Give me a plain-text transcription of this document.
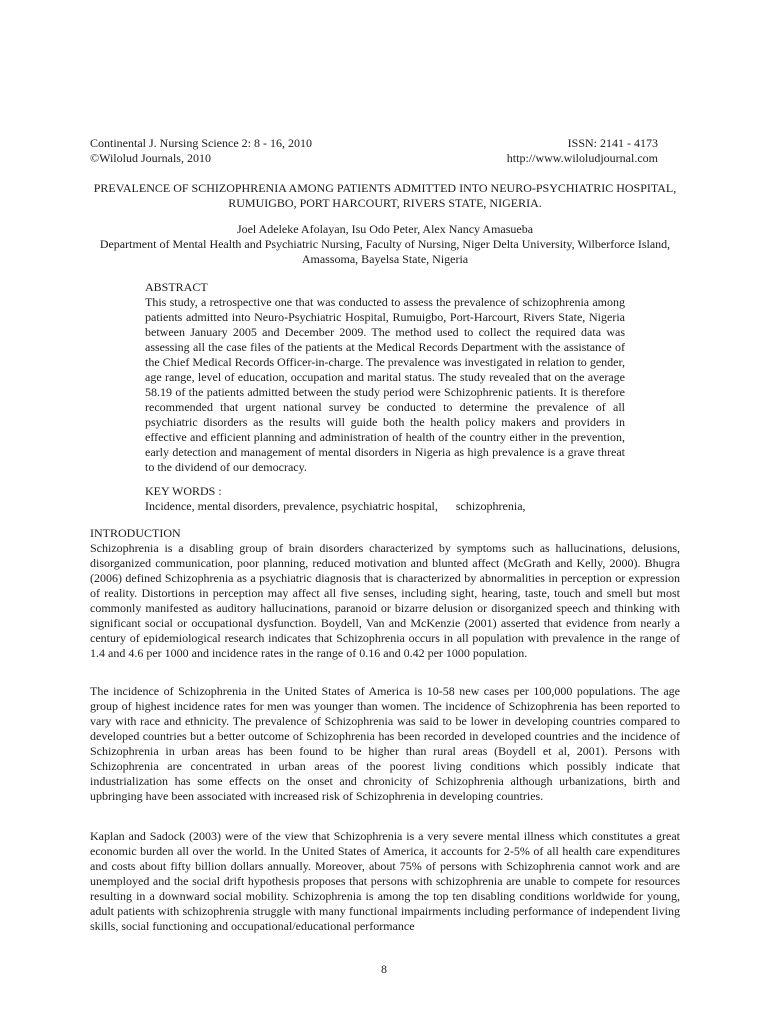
Continental J. Nursing Science 2: 8 - 16, 2010
©Wilolud Journals, 2010
ISSN: 2141 - 4173
http://www.wiloludjournal.com
PREVALENCE OF SCHIZOPHRENIA AMONG PATIENTS ADMITTED INTO NEURO-PSYCHIATRIC HOSPITAL, RUMUIGBO, PORT HARCOURT, RIVERS STATE, NIGERIA.
Joel Adeleke Afolayan, Isu Odo Peter, Alex Nancy Amasueba
Department of Mental Health and Psychiatric Nursing, Faculty of Nursing, Niger Delta University, Wilberforce Island, Amassoma, Bayelsa State, Nigeria
ABSTRACT

This study, a retrospective one that was conducted to assess the prevalence of schizophrenia among patients admitted into Neuro-Psychiatric Hospital, Rumuigbo, Port-Harcourt, Rivers State, Nigeria between January 2005 and December 2009. The method used to collect the required data was assessing all the case files of the patients at the Medical Records Department with the assistance of the Chief Medical Records Officer-in-charge. The prevalence was investigated in relation to gender, age range, level of education, occupation and marital status. The study revealed that on the average 58.19 of the patients admitted between the study period were Schizophrenic patients. It is therefore recommended that urgent national survey be conducted to determine the prevalence of all psychiatric disorders as the results will guide both the health policy makers and providers in effective and efficient planning and administration of health of the country either in the prevention, early detection and management of mental disorders in Nigeria as high prevalence is a grave threat to the dividend of our democracy.

KEY WORDS :
Incidence, mental disorders, prevalence, psychiatric hospital,      schizophrenia,
INTRODUCTION

Schizophrenia is a disabling group of brain disorders characterized by symptoms such as hallucinations, delusions, disorganized communication, poor planning, reduced motivation and blunted affect (McGrath and Kelly, 2000). Bhugra (2006) defined Schizophrenia as a psychiatric diagnosis that is characterized by abnormalities in perception or expression of reality. Distortions in perception may affect all five senses, including sight, hearing, taste, touch and smell but most commonly manifested as auditory hallucinations, paranoid or bizarre delusion or disorganized speech and thinking with significant social or occupational dysfunction. Boydell, Van and McKenzie (2001) asserted that evidence from nearly a century of epidemiological research indicates that Schizophrenia occurs in all population with prevalence in the range of 1.4 and 4.6 per 1000 and incidence rates in the range of 0.16 and 0.42 per 1000 population.

The incidence of Schizophrenia in the United States of America is 10-58 new cases per 100,000 populations. The age group of highest incidence rates for men was younger than women. The incidence of Schizophrenia has been reported to vary with race and ethnicity. The prevalence of Schizophrenia was said to be lower in developing countries compared to developed countries but a better outcome of Schizophrenia has been recorded in developed countries and the incidence of Schizophrenia in urban areas has been found to be higher than rural areas (Boydell et al, 2001). Persons with Schizophrenia are concentrated in urban areas of the poorest living conditions which possibly indicate that industrialization has some effects on the onset and chronicity of Schizophrenia although urbanizations, birth and upbringing have been associated with increased risk of Schizophrenia in developing countries.

Kaplan and Sadock (2003) were of the view that Schizophrenia is a very severe mental illness which constitutes a great economic burden all over the world. In the United States of America, it accounts for 2-5% of all health care expenditures and costs about fifty billion dollars annually. Moreover, about 75% of persons with Schizophrenia cannot work and are unemployed and the social drift hypothesis proposes that persons with schizophrenia are unable to compete for resources resulting in a downward social mobility. Schizophrenia is among the top ten disabling conditions worldwide for young, adult patients with schizophrenia struggle with many functional impairments including performance of independent living skills, social functioning and occupational/educational performance

8
